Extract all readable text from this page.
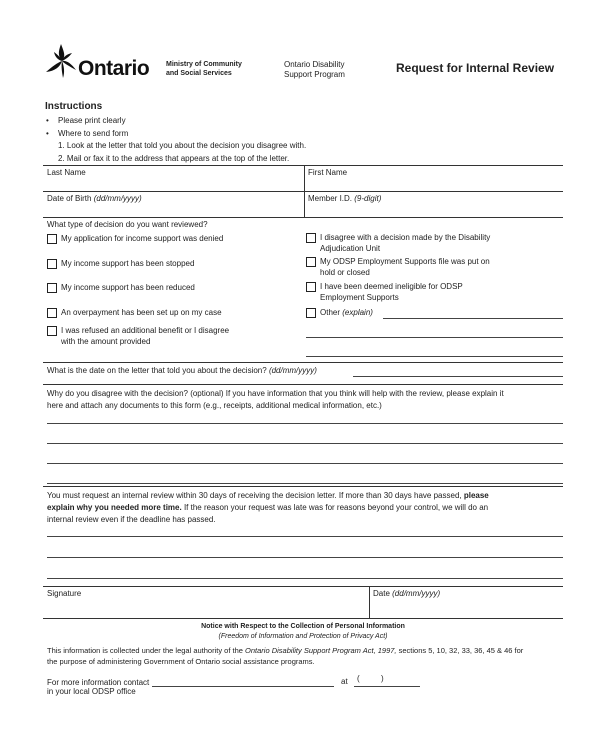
Ontario Ministry of Community
and Social Services
Ontario Disability
Support Program	Request for Internal Review
Instructions
• Please print clearly
• Where to send form
1. Look at the letter that told you about the decision you disagree with.
2. Mail or fax it to the address that appears at the top of the letter.
Last Name	First Name
Date of Birth (dd/mm/yyyy)	Member I.D. (9-digit)
What type of decision do you want reviewed?
My application for income support was denied
My income support has been stopped
My income support has been reduced
An overpayment has been set up on my case
I was refused an additional benefit or I disagree
with the amount provided
I disagree with a decision made by the Disability
Adjudication Unit
My ODSP Employment Supports file was put on
hold or closed
I have been deemed ineligible for ODSP
Employment Supports
Other (explain)
What is the date on the letter that told you about the decision? (dd/mm/yyyy)
Why do you disagree with the decision? (optional) If you have information that you think will help with the review, please explain it
here and attach any documents to this form (e.g., receipts, additional medical information, etc.)
You must request an internal review within 30 days of receiving the decision letter. If more than 30 days have passed, please
explain why you needed more time. If the reason your request was late was for reasons beyond your control, we will do an
internal review even if the deadline has passed.
Signature	Date (dd/mm/yyyy)
Notice with Respect to the Collection of Personal Information
(Freedom of Information and Protection of Privacy Act)
This information is collected under the legal authority of the Ontario Disability Support Program Act, 1997, sections 5, 10, 32, 33, 36, 45 & 46 for
the purpose of administering Government of Ontario social assistance programs.
For more information contact	at (	)
in your local ODSP office
